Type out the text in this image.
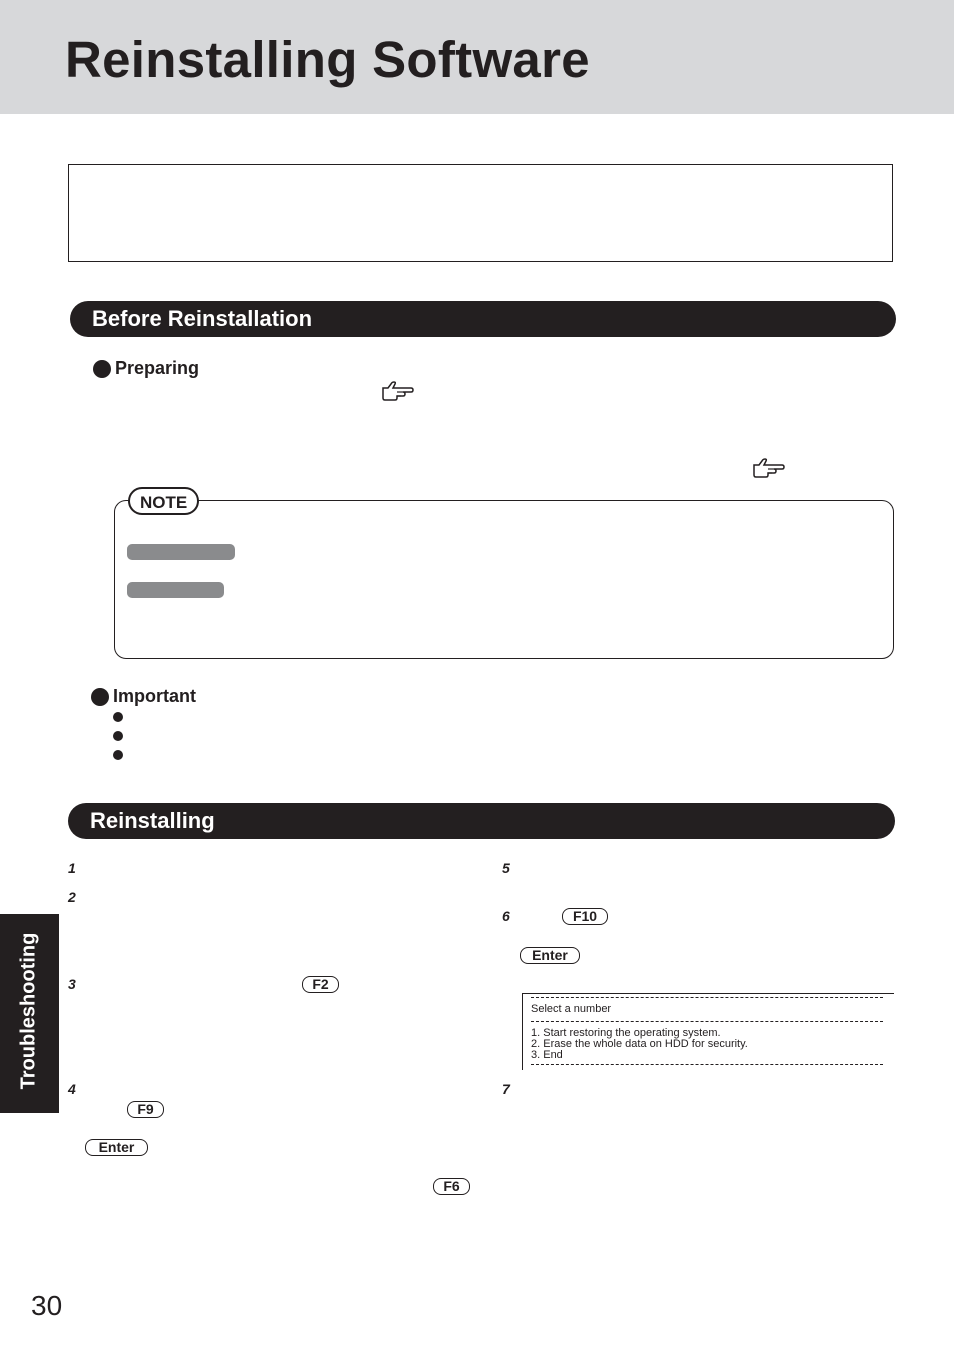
Reinstalling Software
Before Reinstallation
Preparing
NOTE
Important
Reinstalling
1
2
3	F2
4
F9
Enter
F6
5
6	F10
Enter
Select a number
1. Start restoring the operating system.
2. Erase the whole data on HDD for security.
3. End
7
Troubleshooting
30
